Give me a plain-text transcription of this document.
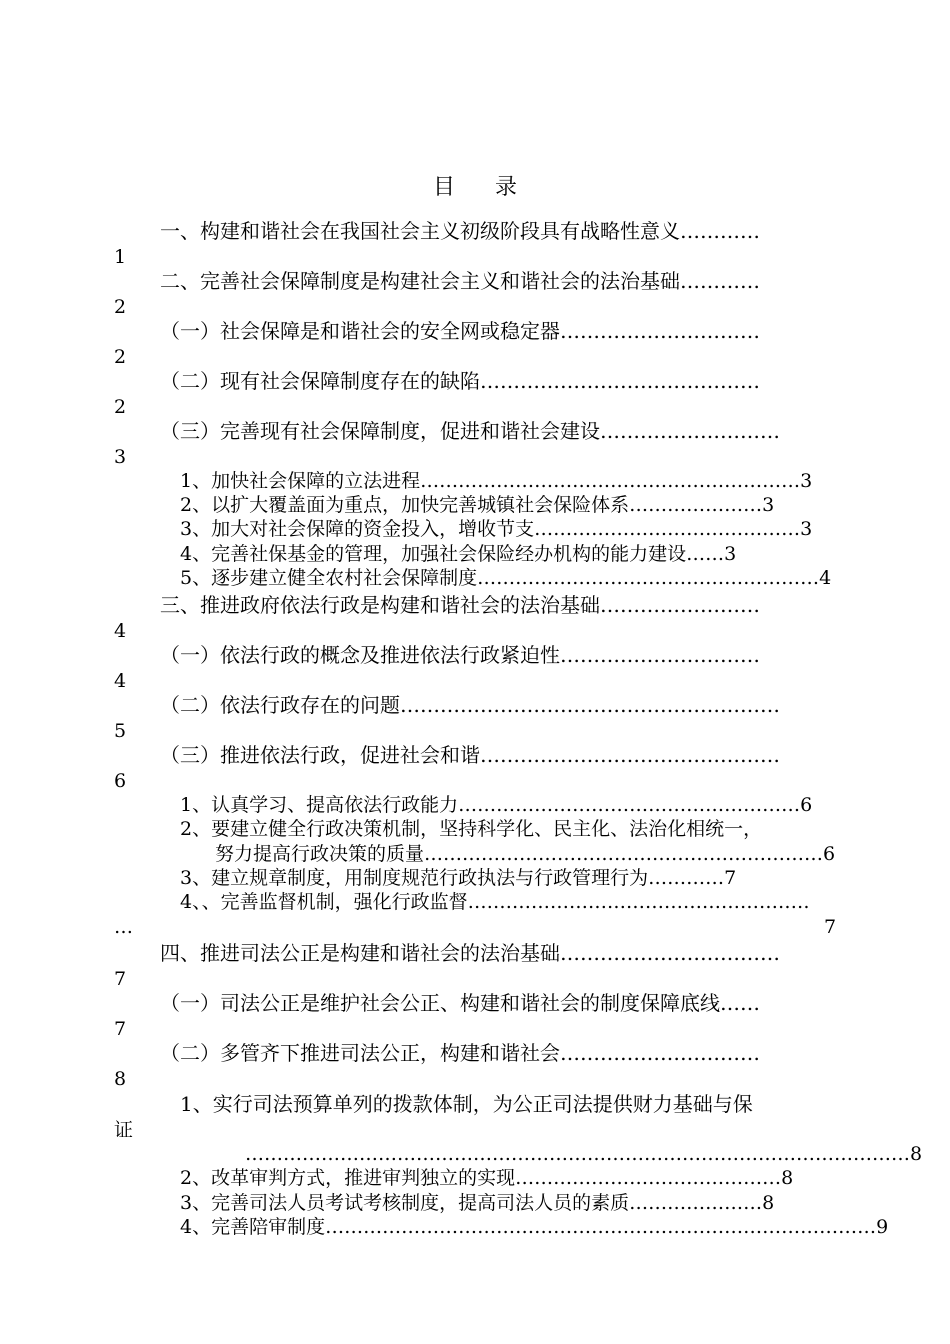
目 录
一、构建和谐社会在我国社会主义初级阶段具有战略性意义…………
1
二、完善社会保障制度是构建社会主义和谐社会的法治基础…………
2
（一）社会保障是和谐社会的安全网或稳定器…………………………
2
（二）现有社会保障制度存在的缺陷……………………………………
2
（三）完善现有社会保障制度，促进和谐社会建设………………………
3
1、加快社会保障的立法进程……………………………………………………3
2、以扩大覆盖面为重点，加快完善城镇社会保险体系…………………3
3、加大对社会保障的资金投入，增收节支……………………………………3
4、完善社保基金的管理，加强社会保险经办机构的能力建设……3
5、逐步建立健全农村社会保障制度………………………………………………4
三、推进政府依法行政是构建和谐社会的法治基础……………………
4
（一）依法行政的概念及推进依法行政紧迫性…………………………
4
（二）依法行政存在的问题…………………………………………………
5
（三）推进依法行政，促进社会和谐………………………………………
6
1、认真学习、提高依法行政能力………………………………………………6
2、要建立健全行政决策机制，坚持科学化、民主化、法治化相统一，
努力提高行政决策的质量………………………………………………………6
3、建立规章制度，用制度规范行政执法与行政管理行为…………7
4、、完善监督机制，强化行政监督………………………………………………
…	7
四、推进司法公正是构建和谐社会的法治基础……………………………
7
（一）司法公正是维护社会公正、构建和谐社会的制度保障底线……
7
（二）多管齐下推进司法公正，构建和谐社会…………………………
8
1、实行司法预算单列的拨款体制，为公正司法提供财力基础与保
证
……………………………………………………………………………………………8
2、改革审判方式，推进审判独立的实现……………………………………8
3、完善司法人员考试考核制度，提高司法人员的素质…………………8
4、完善陪审制度……………………………………………………………………………9
